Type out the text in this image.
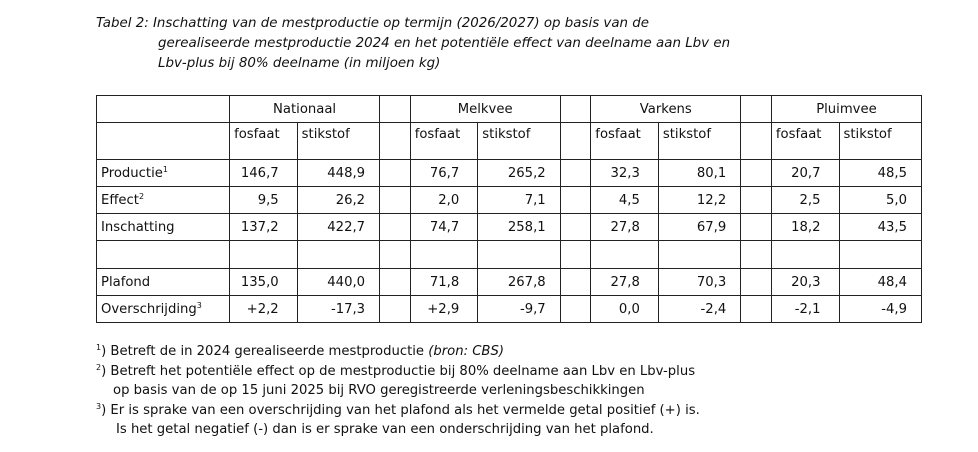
Tabel 2: Inschatting van de mestproductie op termijn (2026/2027) op basis van de
gerealiseerde mestproductie 2024 en het potentiële effect van deelname aan Lbv en
Lbv-plus bij 80% deelname (in miljoen kg)
	Nationaal			Melkvee			Varkens			Pluimvee	
	fosfaat	stikstof		fosfaat	stikstof		fosfaat	stikstof		fosfaat	stikstof
Productie$^1$	146,7	448,9		76,7	265,2		32,3	80,1		20,7	48,5
Effect$^2$	9,5	26,2		2,0	7,1		4,5	12,2		2,5	5,0
Inschatting	137,2	422,7		74,7	258,1		27,8	67,9		18,2	43,5

Plafond	135,0	440,0		71,8	267,8		27,8	70,3		20,3	48,4
Overschrijding$^3$	+2,2	-17,3		+2,9	-9,7		0,0	-2,4		-2,1	-4,9
$^1$) Betreft de in 2024 gerealiseerde mestproductie (bron: CBS)
$^2$) Betreft het potentiële effect op de mestproductie bij 80% deelname aan Lbv en Lbv-plus
op basis van de op 15 juni 2025 bij RVO geregistreerde verleningsbeschikkingen
$^3$) Er is sprake van een overschrijding van het plafond als het vermelde getal positief (+) is.
Is het getal negatief (-) dan is er sprake van een onderschrijding van het plafond.
